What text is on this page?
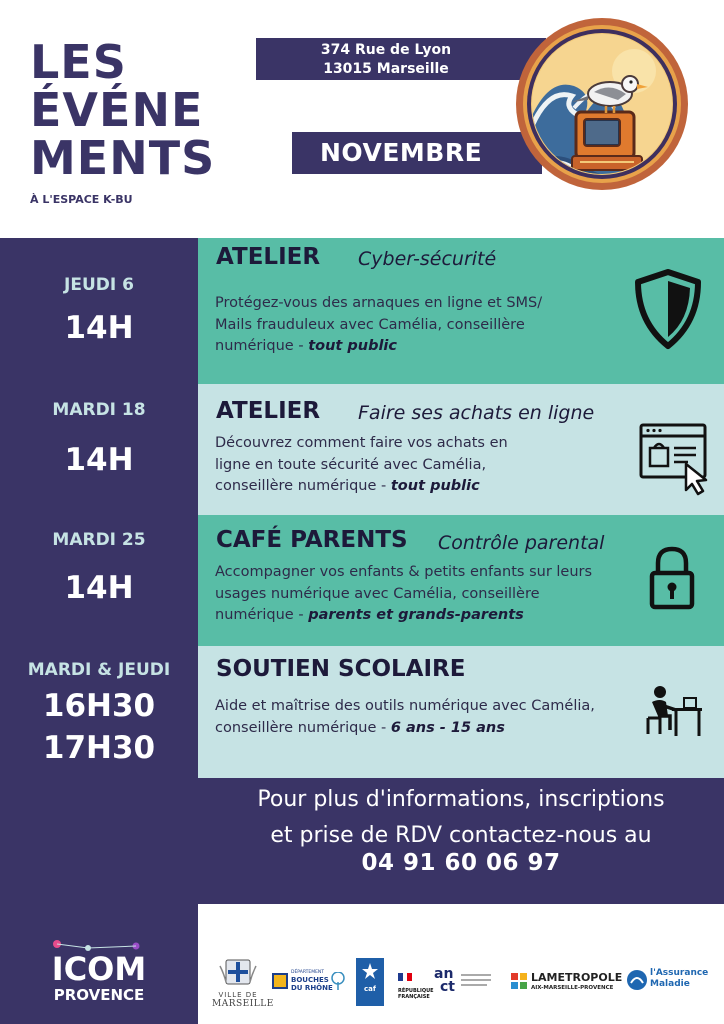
LES
ÉVÉNE
MENTS
À L'ESPACE K-BU
374 Rue de Lyon
13015 Marseille
NOVEMBRE
ATELIER Cyber-sécurité
Protégez-vous des arnaques en ligne et SMS/
Mails frauduleux avec Camélia, conseillère
numérique - tout public
JEUDI 6
14H
ATELIER Faire ses achats en ligne
Découvrez comment faire vos achats en
ligne en toute sécurité avec Camélia,
conseillère numérique - tout public
MARDI 18
14H
CAFÉ PARENTS Contrôle parental
Accompagner vos enfants & petits enfants sur leurs
usages numérique avec Camélia, conseillère
numérique - parents et grands-parents
MARDI 25
14H
SOUTIEN SCOLAIRE
Aide et maîtrise des outils numérique avec Camélia,
conseillère numérique - 6 ans - 15 ans
MARDI & JEUDI
16H30
17H30
Pour plus d'informations, inscriptions
et prise de RDV contactez-nous au
04 91 60 06 97
ICOM
PROVENCE	VILLE DE
MARSEILLE
DÉPARTEMENT
BOUCHES
DU RHÔNE	caf	RÉPUBLIQUE
FRANÇAISE
an
ct
LAMETROPOLE
AIX-MARSEILLE-PROVENCE
l'Assurance
Maladie
